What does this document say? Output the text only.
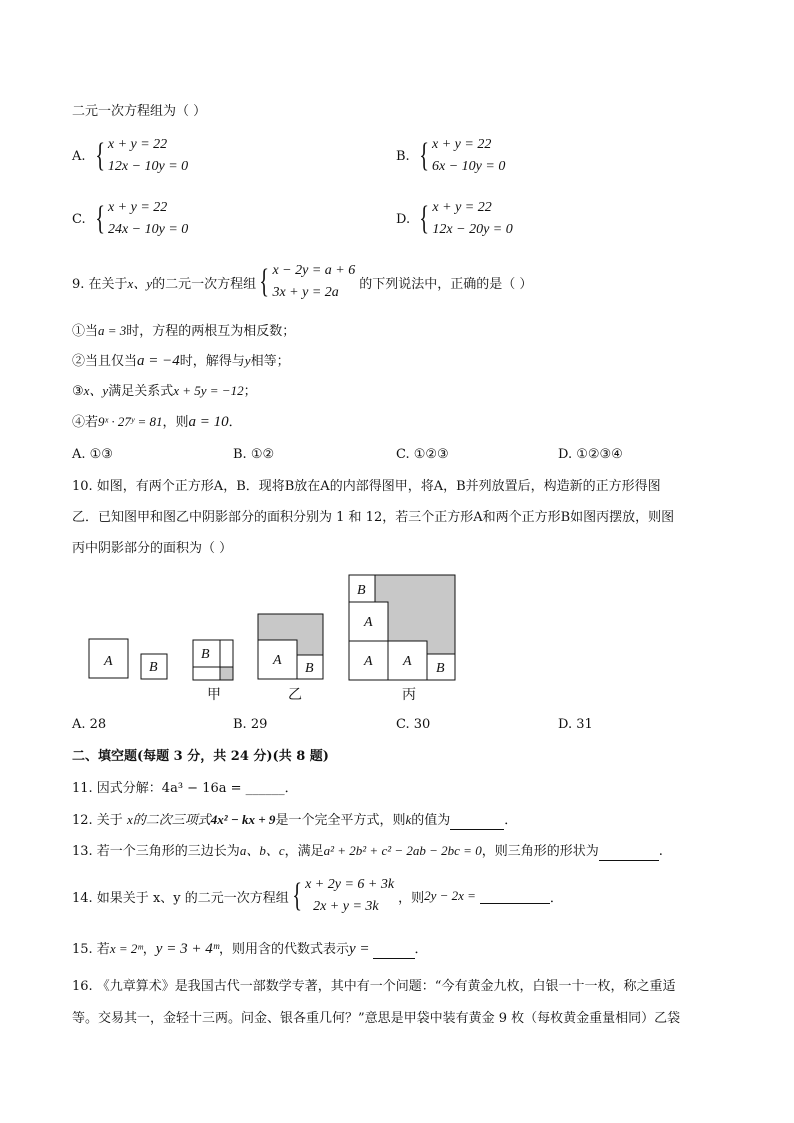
二元一次方程组为（ ）
A. { x + y = 22
12x − 10y = 0
B. { x + y = 22
6x − 10y = 0
C. { x + y = 22
24x − 10y = 0
D. { x + y = 22
12x − 20y = 0
9. 在关于 x、y 的二元一次方程组 { x − 2y = a + 6
3x + y = 2a
的下列说法中，正确的是（ ）
①当a = 3时，方程的两根互为相反数；
②当且仅当a = −4时，解得与y相等；
③x、y满足关系式x + 5y = −12；
④若9ˣ · 27ʸ = 81，则a = 10．
A. ①③	B. ①②	C. ①②③	D. ①②③④
10. 如图，有两个正方形A，B．现将B放在A的内部得图甲，将A，B并列放置后，构造新的正方形得图
乙．已知图甲和图乙中阴影部分的面积分别为 1 和 12，若三个正方形A和两个正方形B如图丙摆放，则图
丙中阴影部分的面积为（ ）
A	B
B	A
B
B
A
A A B
甲	乙	丙
A. 28	B. 29	C. 30	D. 31
二、填空题(每题 3 分，共 24 分)(共 8 题)
11. 因式分解：4a³ − 16a = ______．
12. 关于 x的二次三项式4x² − kx + 9是一个完全平方式，则k的值为	．
13. 若一个三角形的三边长为a、b、c，满足a² + 2b² + c² − 2ab − 2bc = 0，则三角形的形状为	.
14. 如果关于 x、y 的二元一次方程组 { x + 2y = 6 + 3k
2x + y = 3k
，则 2y − 2x =	．
15. 若x = 2ᵐ，y = 3 + 4ᵐ，则用含的代数式表示y =	．
16. 《九章算术》是我国古代一部数学专著，其中有一个问题：“今有黄金九枚，白银一十一枚，称之重适
等。交易其一，金轻十三两。问金、银各重几何？”意思是甲袋中装有黄金 9 枚（每枚黄金重量相同）乙袋
